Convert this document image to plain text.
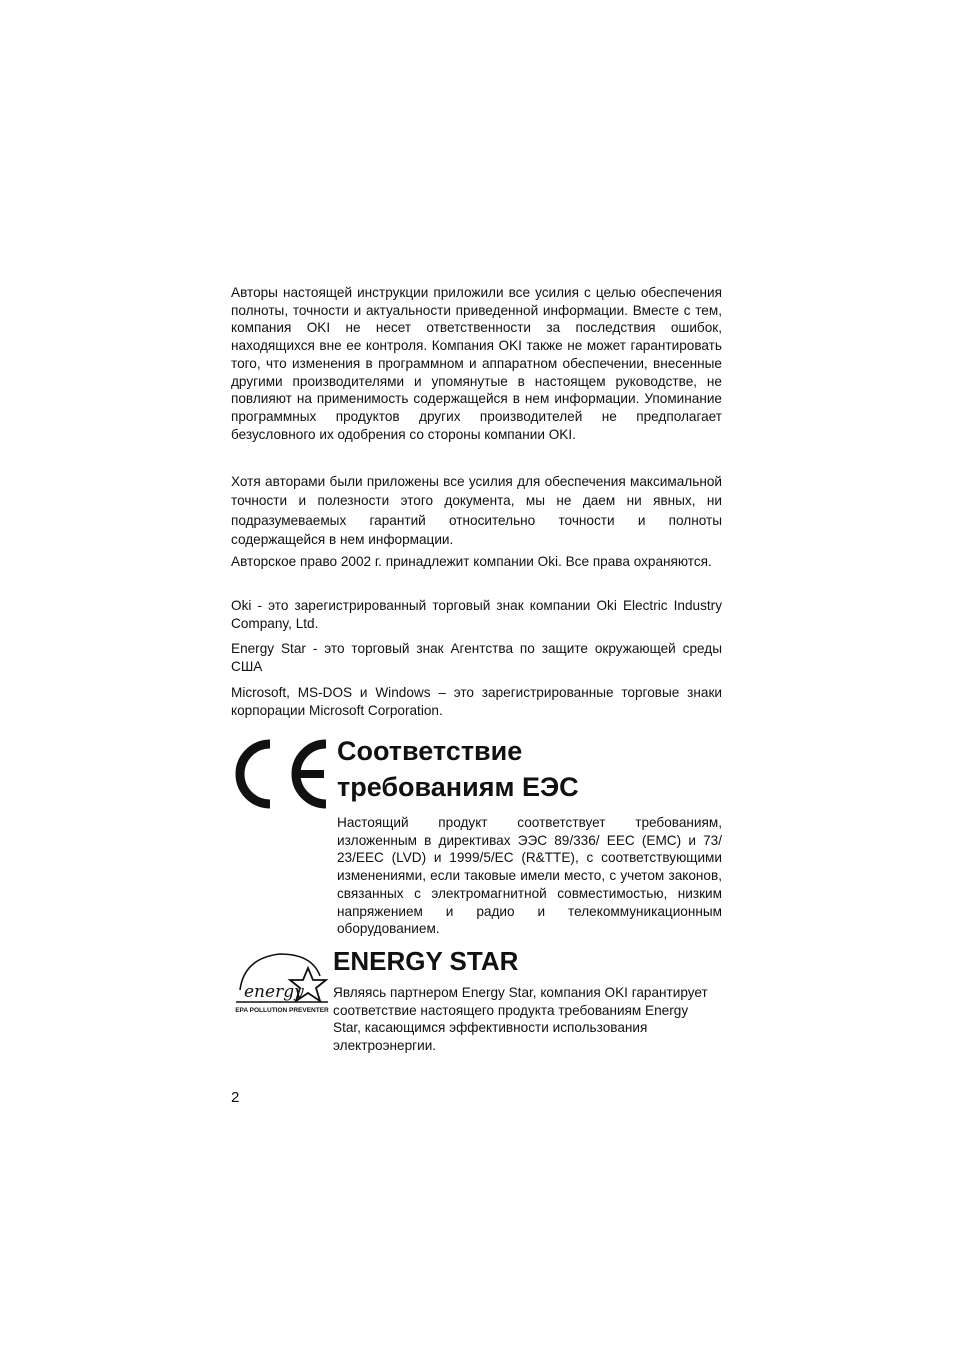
Авторы настоящей инструкции приложили все усилия с целью обеспечения полноты, точности и актуальности приведенной информации. Вместе с тем, компания OKI не несет ответственности за последствия ошибок, находящихся вне ее контроля. Компания OKI также не может гарантировать того, что изменения в программном и аппаратном обеспечении, внесенные другими производителями и упомянутые в настоящем руководстве, не повлияют на применимость содержащейся в нем информации. Упоминание программных продуктов других производителей не предполагает безусловного их одобрения со стороны компании OKI.

Хотя авторами были приложены все усилия для обеспечения максимальной точности и полезности этого документа, мы не даем ни явных, ни подразумеваемых гарантий относительно точности и полноты содержащейся в нем информации.

Авторское право 2002 г. принадлежит компании Oki. Все права охраняются.

Oki - это зарегистрированный торговый знак компании Oki Electric Industry Company, Ltd.

Energy Star - это торговый знак Агентства по защите окружающей среды США

Microsoft, MS-DOS и Windows – это зарегистрированные торговые знаки корпорации Microsoft Corporation.

Соответствие
требованиям ЕЭС

Настоящий продукт соответствует требованиям, изложенным в директивах ЭЭС 89/336/ EEC (EMC) и 73/ 23/EEC (LVD) и 1999/5/EC (R&TTE), с соответствующими изменениями, если таковые имели место, с учетом законов, связанных с электромагнитной совместимостью, низким напряжением и радио и телекоммуникационным оборудованием.

energy
EPA POLLUTION PREVENTER
ENERGY STAR

Являясь партнером Energy Star, компания OKI гарантирует соответствие настоящего продукта требованиям Energy Star, касающимся эффективности использования электроэнергии.

2
